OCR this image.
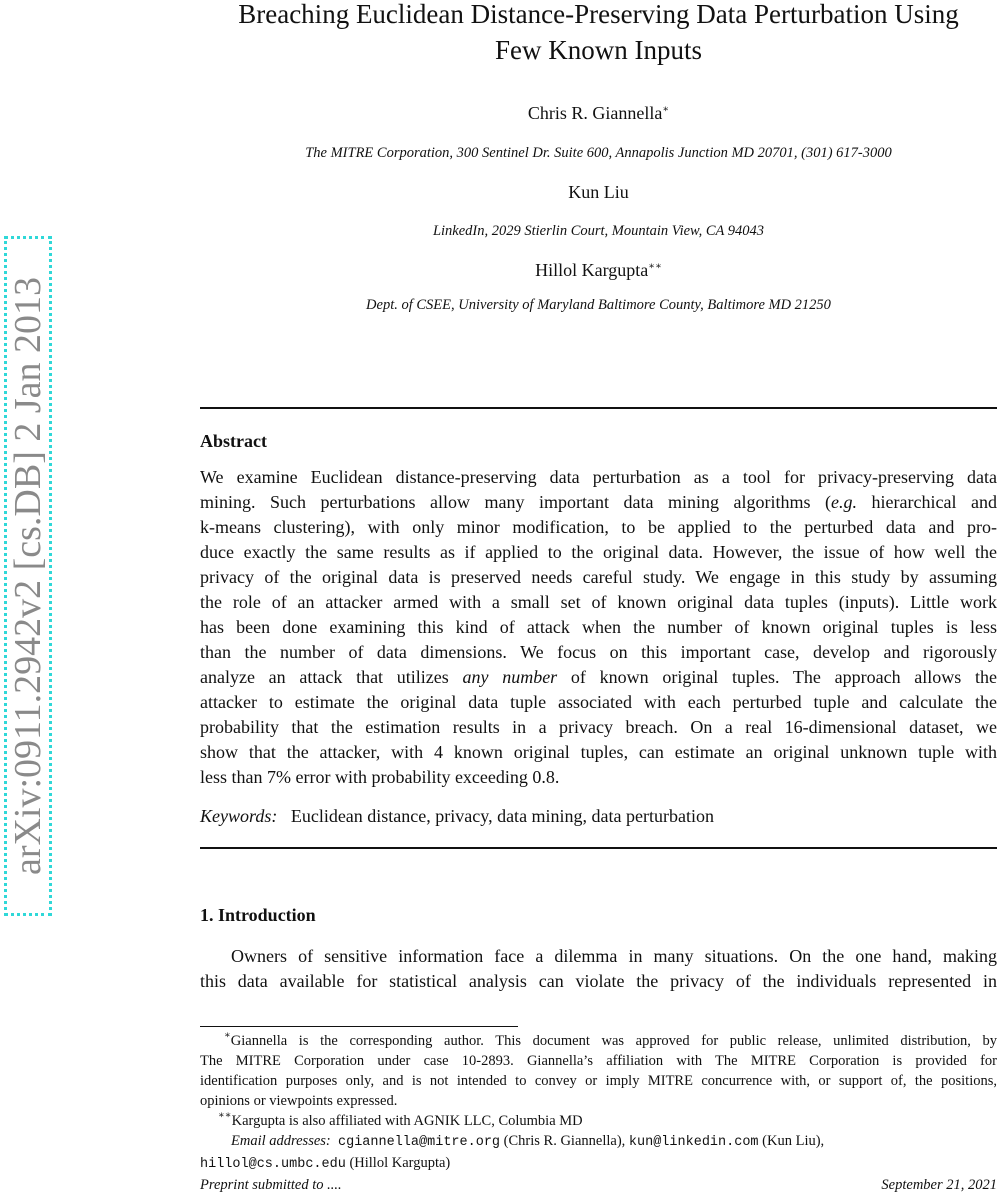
arXiv:0911.2942v2 [cs.DB] 2 Jan 2013
Breaching Euclidean Distance-Preserving Data Perturbation Using
Few Known Inputs
Chris R. Giannella∗
The MITRE Corporation, 300 Sentinel Dr. Suite 600, Annapolis Junction MD 20701, (301) 617-3000
Kun Liu
LinkedIn, 2029 Stierlin Court, Mountain View, CA 94043
Hillol Kargupta∗∗
Dept. of CSEE, University of Maryland Baltimore County, Baltimore MD 21250
Abstract
We examine Euclidean distance-preserving data perturbation as a tool for privacy-preserving data
mining. Such perturbations allow many important data mining algorithms (e.g. hierarchical and
k-means clustering), with only minor modification, to be applied to the perturbed data and pro-
duce exactly the same results as if applied to the original data. However, the issue of how well the
privacy of the original data is preserved needs careful study. We engage in this study by assuming
the role of an attacker armed with a small set of known original data tuples (inputs). Little work
has been done examining this kind of attack when the number of known original tuples is less
than the number of data dimensions. We focus on this important case, develop and rigorously
analyze an attack that utilizes any number of known original tuples. The approach allows the
attacker to estimate the original data tuple associated with each perturbed tuple and calculate the
probability that the estimation results in a privacy breach. On a real 16-dimensional dataset, we
show that the attacker, with 4 known original tuples, can estimate an original unknown tuple with
less than 7% error with probability exceeding 0.8.
Keywords: Euclidean distance, privacy, data mining, data perturbation
1. Introduction
Owners of sensitive information face a dilemma in many situations. On the one hand, making
this data available for statistical analysis can violate the privacy of the individuals represented in
∗Giannella is the corresponding author. This document was approved for public release, unlimited distribution, by
The MITRE Corporation under case 10-2893. Giannella’s affiliation with The MITRE Corporation is provided for
identification purposes only, and is not intended to convey or imply MITRE concurrence with, or support of, the positions,
opinions or viewpoints expressed.
∗∗Kargupta is also affiliated with AGNIK LLC, Columbia MD
Email addresses: cgiannella@mitre.org (Chris R. Giannella), kun@linkedin.com (Kun Liu),
hillol@cs.umbc.edu (Hillol Kargupta)
Preprint submitted to ....	September 21, 2021
